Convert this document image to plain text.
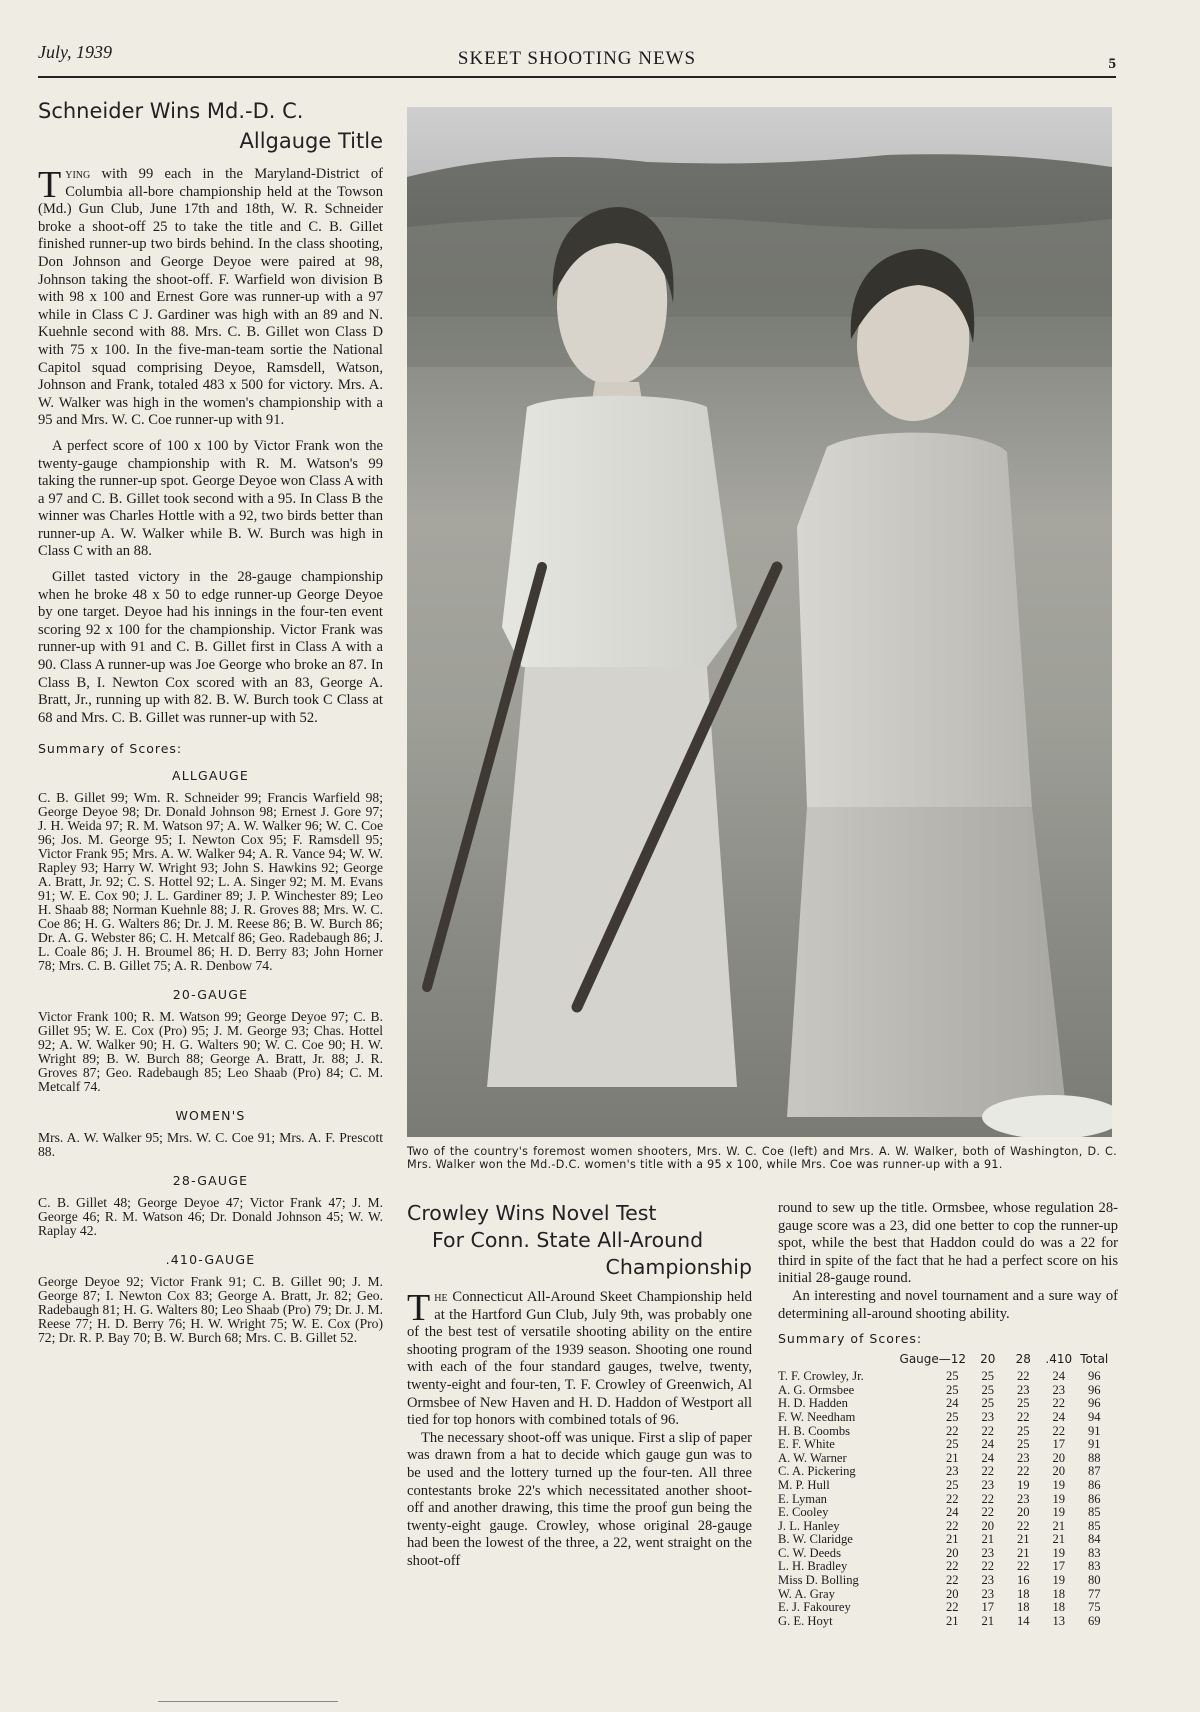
July, 1939	SKEET SHOOTING NEWS	5
Schneider Wins Md.-D. C.
Allgauge Title

Tying with 99 each in the Maryland-District of Columbia all-bore championship held at the Towson (Md.) Gun Club, June 17th and 18th, W. R. Schneider broke a shoot-off 25 to take the title and C. B. Gillet finished runner-up two birds behind. In the class shooting, Don Johnson and George Deyoe were paired at 98, Johnson taking the shoot-off. F. Warfield won division B with 98 x 100 and Ernest Gore was runner-up with a 97 while in Class C J. Gardiner was high with an 89 and N. Kuehnle second with 88. Mrs. C. B. Gillet won Class D with 75 x 100. In the five-man-team sortie the National Capitol squad comprising Deyoe, Ramsdell, Watson, Johnson and Frank, totaled 483 x 500 for victory. Mrs. A. W. Walker was high in the women's championship with a 95 and Mrs. W. C. Coe runner-up with 91.

A perfect score of 100 x 100 by Victor Frank won the twenty-gauge championship with R. M. Watson's 99 taking the runner-up spot. George Deyoe won Class A with a 97 and C. B. Gillet took second with a 95. In Class B the winner was Charles Hottle with a 92, two birds better than runner-up A. W. Walker while B. W. Burch was high in Class C with an 88.

Gillet tasted victory in the 28-gauge championship when he broke 48 x 50 to edge runner-up George Deyoe by one target. Deyoe had his innings in the four-ten event scoring 92 x 100 for the championship. Victor Frank was runner-up with 91 and C. B. Gillet first in Class A with a 90. Class A runner-up was Joe George who broke an 87. In Class B, I. Newton Cox scored with an 83, George A. Bratt, Jr., running up with 82. B. W. Burch took C Class at 68 and Mrs. C. B. Gillet was runner-up with 52.

Summary of Scores:
ALLGAUGE

C. B. Gillet 99; Wm. R. Schneider 99; Francis Warfield 98; George Deyoe 98; Dr. Donald Johnson 98; Ernest J. Gore 97; J. H. Weida 97; R. M. Watson 97; A. W. Walker 96; W. C. Coe 96; Jos. M. George 95; I. Newton Cox 95; F. Ramsdell 95; Victor Frank 95; Mrs. A. W. Walker 94; A. R. Vance 94; W. W. Rapley 93; Harry W. Wright 93; John S. Hawkins 92; George A. Bratt, Jr. 92; C. S. Hottel 92; L. A. Singer 92; M. M. Evans 91; W. E. Cox 90; J. L. Gardiner 89; J. P. Winchester 89; Leo H. Shaab 88; Norman Kuehnle 88; J. R. Groves 88; Mrs. W. C. Coe 86; H. G. Walters 86; Dr. J. M. Reese 86; B. W. Burch 86; Dr. A. G. Webster 86; C. H. Metcalf 86; Geo. Radebaugh 86; J. L. Coale 86; J. H. Broumel 86; H. D. Berry 83; John Horner 78; Mrs. C. B. Gillet 75; A. R. Denbow 74.

20-GAUGE

Victor Frank 100; R. M. Watson 99; George Deyoe 97; C. B. Gillet 95; W. E. Cox (Pro) 95; J. M. George 93; Chas. Hottel 92; A. W. Walker 90; H. G. Walters 90; W. C. Coe 90; H. W. Wright 89; B. W. Burch 88; George A. Bratt, Jr. 88; J. R. Groves 87; Geo. Radebaugh 85; Leo Shaab (Pro) 84; C. M. Metcalf 74.

WOMEN'S

Mrs. A. W. Walker 95; Mrs. W. C. Coe 91; Mrs. A. F. Prescott 88.

28-GAUGE

C. B. Gillet 48; George Deyoe 47; Victor Frank 47; J. M. George 46; R. M. Watson 46; Dr. Donald Johnson 45; W. W. Raplay 42.

.410-GAUGE

George Deyoe 92; Victor Frank 91; C. B. Gillet 90; J. M. George 87; I. Newton Cox 83; George A. Bratt, Jr. 82; Geo. Radebaugh 81; H. G. Walters 80; Leo Shaab (Pro) 79; Dr. J. M. Reese 77; H. D. Berry 76; H. W. Wright 75; W. E. Cox (Pro) 72; Dr. R. P. Bay 70; B. W. Burch 68; Mrs. C. B. Gillet 52.

Two of the country's foremost women shooters, Mrs. W. C. Coe (left) and Mrs. A. W. Walker, both of Washington, D. C. Mrs. Walker won the Md.-D.C. women's title with a 95 x 100, while Mrs. Coe was runner-up with a 91.
Crowley Wins Novel Test
For Conn. State All-Around
Championship

The Connecticut All-Around Skeet Championship held at the Hartford Gun Club, July 9th, was probably one of the best test of versatile shooting ability on the entire shooting program of the 1939 season. Shooting one round with each of the four standard gauges, twelve, twenty, twenty-eight and four-ten, T. F. Crowley of Greenwich, Al Ormsbee of New Haven and H. D. Haddon of Westport all tied for top honors with combined totals of 96.

The necessary shoot-off was unique. First a slip of paper was drawn from a hat to decide which gauge gun was to be used and the lottery turned up the four-ten. All three contestants broke 22's which necessitated another shoot-off and another drawing, this time the proof gun being the twenty-eight gauge. Crowley, whose original 28-gauge had been the lowest of the three, a 22, went straight on the shoot-off

round to sew up the title. Ormsbee, whose regulation 28-gauge score was a 23, did one better to cop the runner-up spot, while the best that Haddon could do was a 22 for third in spite of the fact that he had a perfect score on his initial 28-gauge round.

An interesting and novel tournament and a sure way of determining all-around shooting ability.

Summary of Scores:
Gauge—12		20	28	.410	Total
T. F. Crowley, Jr.	25	25	22	24	96
A. G. Ormsbee	25	25	23	23	96
H. D. Hadden	24	25	25	22	96
F. W. Needham	25	23	22	24	94
H. B. Coombs	22	22	25	22	91
E. F. White	25	24	25	17	91
A. W. Warner	21	24	23	20	88
C. A. Pickering	23	22	22	20	87
M. P. Hull	25	23	19	19	86
E. Lyman	22	22	23	19	86
E. Cooley	24	22	20	19	85
J. L. Hanley	22	20	22	21	85
B. W. Claridge	21	21	21	21	84
C. W. Deeds	20	23	21	19	83
L. H. Bradley	22	22	22	17	83
Miss D. Bolling	22	23	16	19	80
W. A. Gray	20	23	18	18	77
E. J. Fakourey	22	17	18	18	75
G. E. Hoyt	21	21	14	13	69
